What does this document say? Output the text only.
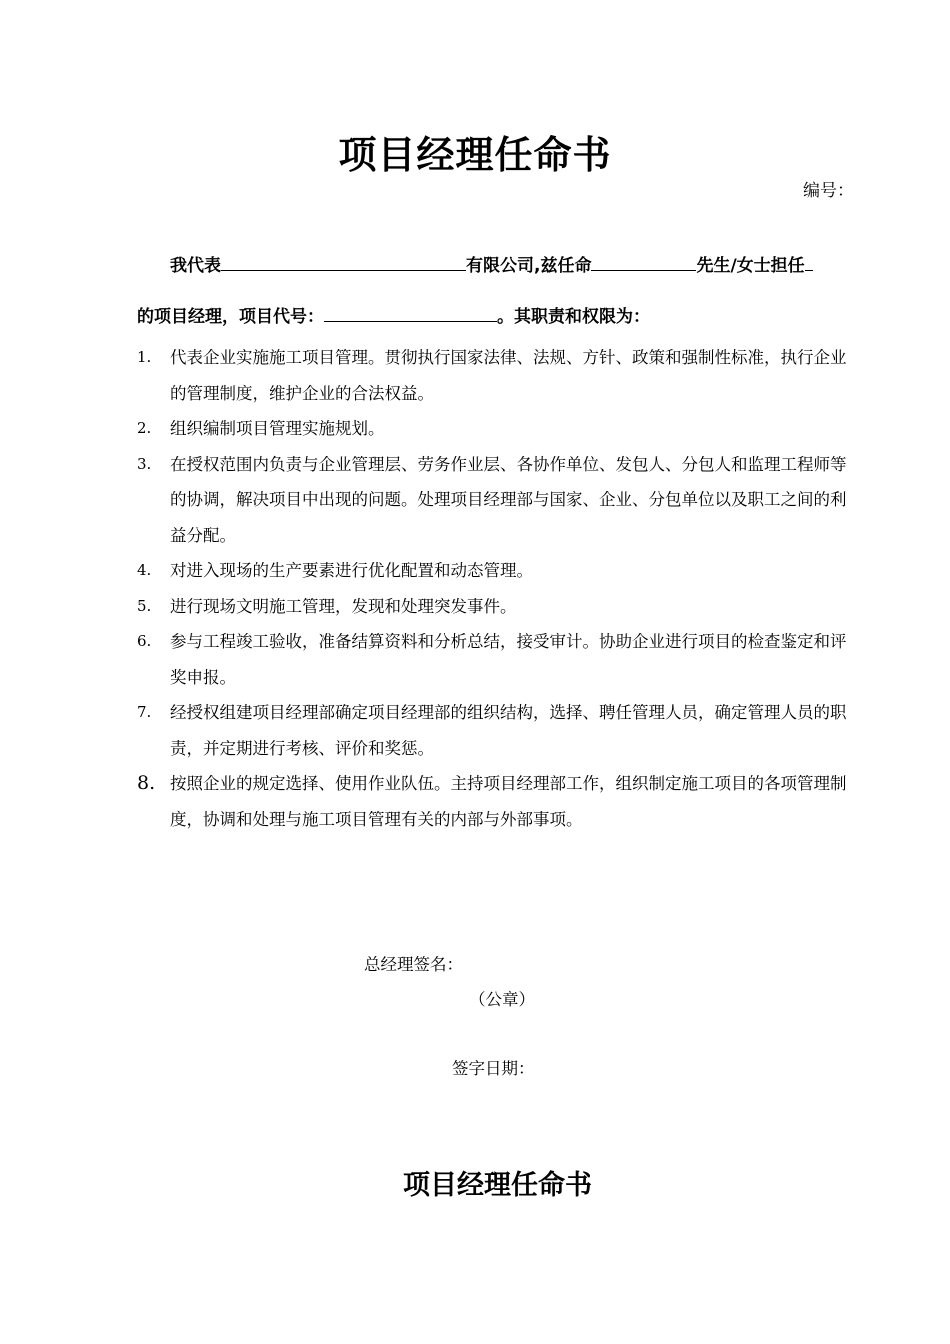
项目经理任命书
编号：
我代表	有限公司,兹任命	先生/女士担任
的项目经理，项目代号：	。其职责和权限为：
1. 代表企业实施施工项目管理。贯彻执行国家法律、法规、方针、政策和强制性标准，执行企业的管理制度，维护企业的合法权益。
2. 组织编制项目管理实施规划。
3. 在授权范围内负责与企业管理层、劳务作业层、各协作单位、发包人、分包人和监理工程师等的协调，解决项目中出现的问题。处理项目经理部与国家、企业、分包单位以及职工之间的利益分配。
4. 对进入现场的生产要素进行优化配置和动态管理。
5. 进行现场文明施工管理，发现和处理突发事件。
6. 参与工程竣工验收，准备结算资料和分析总结，接受审计。协助企业进行项目的检查鉴定和评奖申报。
7. 经授权组建项目经理部确定项目经理部的组织结构，选择、聘任管理人员，确定管理人员的职责，并定期进行考核、评价和奖惩。
8. 按照企业的规定选择、使用作业队伍。主持项目经理部工作，组织制定施工项目的各项管理制度，协调和处理与施工项目管理有关的内部与外部事项。
总经理签名：
（公章）
签字日期：
项目经理任命书
